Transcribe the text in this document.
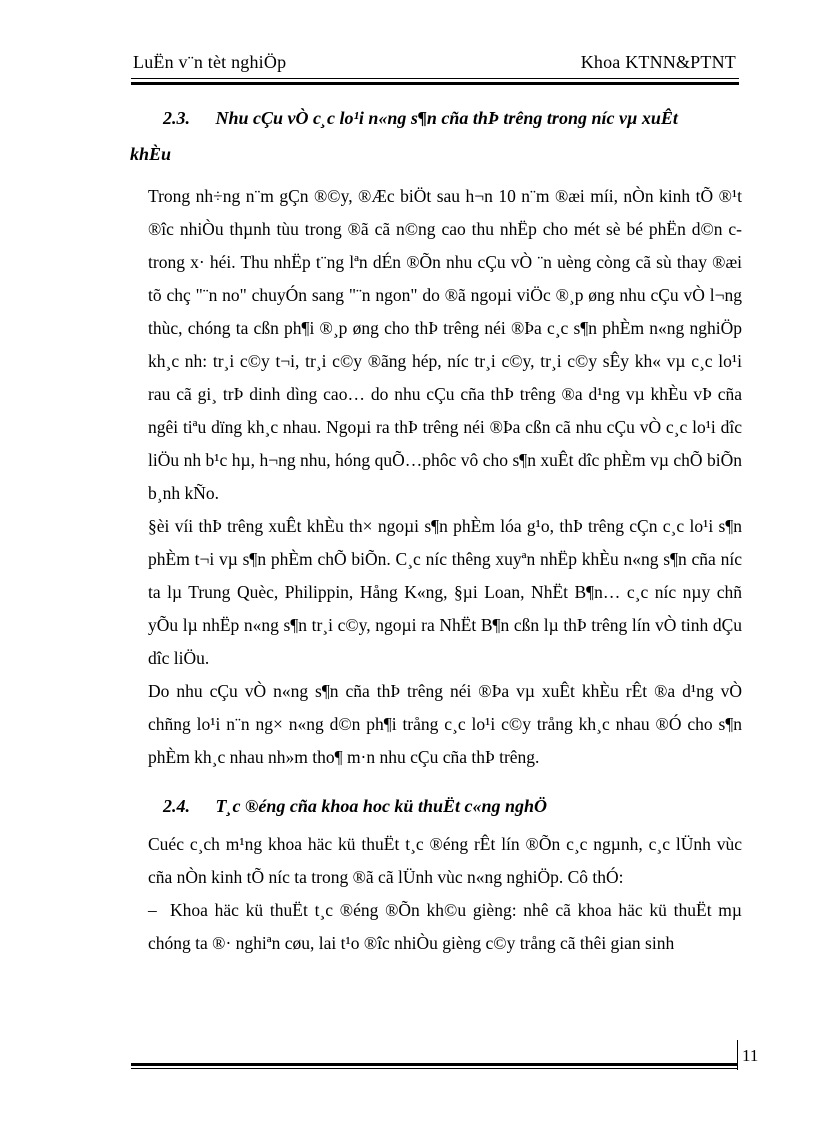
LuËn v¨n tèt nghiÖp	Khoa KTNN&PTNT

2.3. Nhu cÇu vÒ c¸c lo¹i n«ng s¶n cña thÞ trêng trong níc vµ xuÊt
khÈu

Trong nh÷ng n¨m gÇn ®©y, ®Æc biÖt sau h¬n 10 n¨m ®æi míi, nÒn kinh tÕ ®¹t ®îc nhiÒu thµnh tùu trong ®ã cã n©ng cao thu nhËp cho mét sè bé phËn d©n c trong x· héi. Thu nhËp t¨ng lªn dÉn ®Õn nhu cÇu vÒ ¨n uèng còng cã sù thay ®æi tõ chç "¨n no" chuyÓn sang "¨n ngon" do ®ã ngoµi viÖc ®¸p øng nhu cÇu vÒ l¬ng thùc, chóng ta cßn ph¶i ®¸p øng cho thÞ trêng néi ®Þa c¸c s¶n phÈm n«ng nghiÖp kh¸c nh: tr¸i c©y t¬i, tr¸i c©y ®ãng hép, níc tr¸i c©y, tr¸i c©y sÊy kh« vµ c¸c lo¹i rau cã gi¸ trÞ dinh dìng cao… do nhu cÇu cña thÞ trêng ®a d¹ng vµ khÈu vÞ cña ngêi tiªu dïng kh¸c nhau. Ngoµi ra thÞ trêng néi ®Þa cßn cã nhu cÇu vÒ c¸c lo¹i dîc liÖu nh b¹c hµ, h¬ng nhu, hóng quÕ…phôc vô cho s¶n xuÊt dîc phÈm vµ chÕ biÕn b¸nh kÑo.

§èi víi thÞ trêng xuÊt khÈu th× ngoµi s¶n phÈm lóa g¹o, thÞ trêng cÇn c¸c lo¹i s¶n phÈm t¬i vµ s¶n phÈm chÕ biÕn. C¸c níc thêng xuyªn nhËp khÈu n«ng s¶n cña níc ta lµ Trung Quèc, Philippin, Hång K«ng, §µi Loan, NhËt B¶n… c¸c níc nµy chñ yÕu lµ nhËp n«ng s¶n tr¸i c©y, ngoµi ra NhËt B¶n cßn lµ thÞ trêng lín vÒ tinh dÇu dîc liÖu.

Do nhu cÇu vÒ n«ng s¶n cña thÞ trêng néi ®Þa vµ xuÊt khÈu rÊt ®a d¹ng vÒ chñng lo¹i n¨n ng× n«ng d©n ph¶i trång c¸c lo¹i c©y trång kh¸c nhau ®Ó cho s¶n phÈm kh¸c nhau nh»m tho¶ m·n nhu cÇu cña thÞ trêng.

2.4. T¸c ®éng cña khoa hoc kü thuËt c«ng nghÖ

Cuéc c¸ch m¹ng khoa häc kü thuËt t¸c ®éng rÊt lín ®Õn c¸c ngµnh, c¸c lÜnh vùc cña nÒn kinh tÕ níc ta trong ®ã cã lÜnh vùc n«ng nghiÖp. Cô thÓ:

– Khoa häc kü thuËt t¸c ®éng ®Õn kh©u gièng: nhê cã khoa häc kü thuËt mµ chóng ta ®· nghiªn cøu, lai t¹o ®îc nhiÒu gièng c©y trång cã thêi gian sinh

11
